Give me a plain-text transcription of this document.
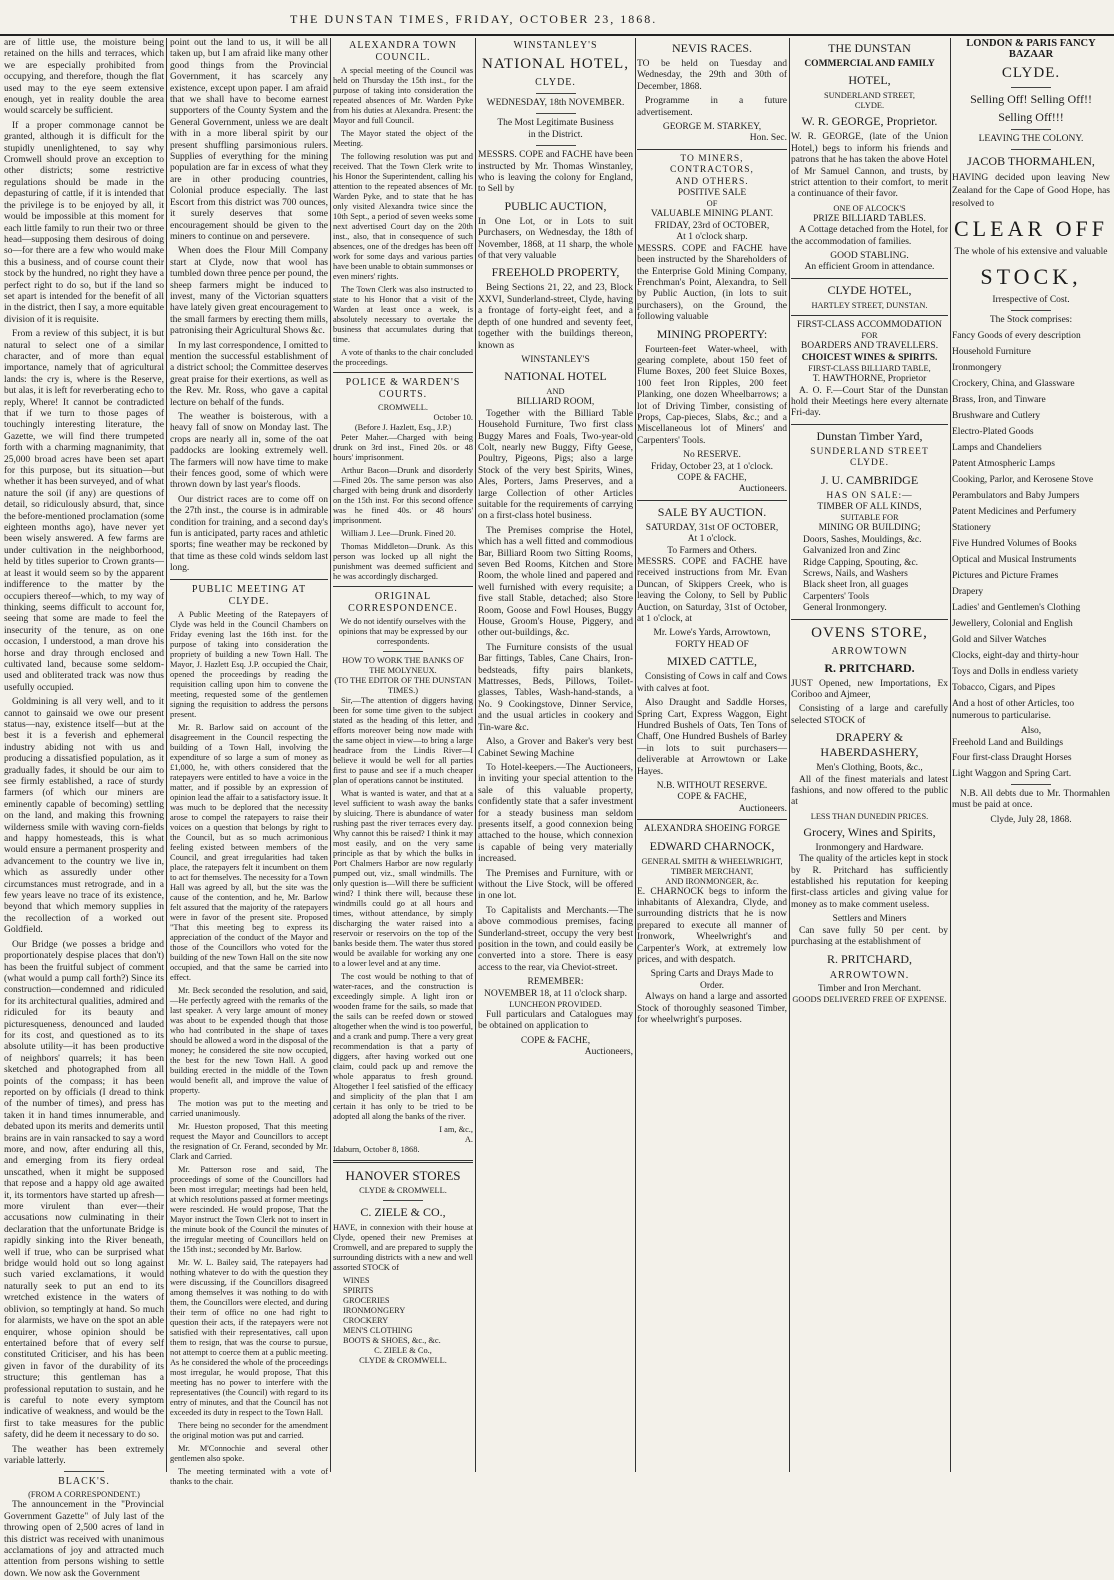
THE DUNSTAN TIMES, FRIDAY, OCTOBER 23, 1868.

are of little use, the moisture being retained on the hills and terraces, which we are especially prohibited from occupying, and therefore, though the flat used may to the eye seem extensive enough, yet in reality double the area would scarcely be sufficient.

If a proper commonage cannot be granted, although it is difficult for the stupidly unenlightened, to say why Cromwell should prove an exception to other districts; some restrictive regulations should be made in the depasturing of cattle, if it is intended that the privilege is to be enjoyed by all, it would be impossible at this moment for each little family to run their two or three head—supposing them desirous of doing so—for there are a few who would make this a business, and of course count their stock by the hundred, no right they have a perfect right to do so, but if the land so set apart is intended for the benefit of all in the district, then I say, a more equitable division of it is requisite.

From a review of this subject, it is but natural to select one of a similar character, and of more than equal importance, namely that of agricultural lands: the cry is, where is the Reserve, but alas, it is left for reverberating echo to reply, Where! It cannot be contradicted that if we turn to those pages of touchingly interesting literature, the Gazette, we will find there trumpeted forth with a charming magnanimity, that 25,000 broad acres have been set apart for this purpose, but its situation—but whether it has been surveyed, and of what nature the soil (if any) are questions of detail, so ridiculously absurd, that, since the before-mentioned proclamation (some eighteen months ago), have never yet been wisely answered. A few farms are under cultivation in the neighborhood, held by titles superior to Crown grants—at least it would seem so by the apparent indifference to the matter by the occupiers thereof—which, to my way of thinking, seems difficult to account for, seeing that some are made to feel the insecurity of the tenure, as on one occasion, I understood, a man drove his horse and dray through enclosed and cultivated land, because some seldom-used and obliterated track was now thus usefully occupied.

Goldmining is all very well, and to it cannot to gainsaid we owe our present status—nay, existence itself—but at the best it is a feverish and ephemeral industry abiding not with us and producing a dissatisfied population, as it gradually fades, it should be our aim to see firmly established, a race of sturdy farmers (of which our miners are eminently capable of becoming) settling on the land, and making this frowning wilderness smile with waving corn-fields and happy homesteads, this is what would ensure a permanent prosperity and advancement to the country we live in, which as assuredly under other circumstances must retrograde, and in a few years leave no trace of its existence, beyond that which memory supplies in the recollection of a worked out Goldfield.

Our Bridge (we posses a bridge and proportionately despise places that don't) has been the fruitful subject of comment (what would a pump call forth?) Since its construction—condemned and ridiculed for its architectural qualities, admired and ridiculed for its beauty and picturesqueness, denounced and lauded for its cost, and questioned as to its absolute utility—it has been productive of neighbors' quarrels; it has been sketched and photographed from all points of the compass; it has been reported on by officials (I dread to think of the number of times), and press has taken it in hand times innumerable, and debated upon its merits and demerits until brains are in vain ransacked to say a word more, and now, after enduring all this, and emerging from its fiery ordeal unscathed, when it might be supposed that repose and a happy old age awaited it, its tormentors have started up afresh—more virulent than ever—their accusations now culminating in their declaration that the unfortunate Bridge is rapidly sinking into the River beneath, well if true, who can be surprised what bridge would hold out so long against such varied exclamations, it would naturally seek to put an end to its wretched existence in the waters of oblivion, so temptingly at hand. So much for alarmists, we have on the spot an able enquirer, whose opinion should be entertained before that of every self constituted Criticiser, and his has been given in favor of the durability of its structure; this gentleman has a professional reputation to sustain, and he is careful to note every symptom indicative of weakness, and would be the first to take measures for the public safety, did he deem it necessary to do so.

The weather has been extremely variable latterly.

BLACK'S.
(FROM A CORRESPONDENT.)

The announcement in the "Provincial Government Gazette" of July last of the throwing open of 2,500 acres of land in this district was received with unanimous acclamations of joy and attracted much attention from persons wishing to settle down. We now ask the Government

point out the land to us, it will be all taken up, but I am afraid like many other good things from the Provincial Government, it has scarcely any existence, except upon paper. I am afraid that we shall have to become earnest supporters of the County System and the General Government, unless we are dealt with in a more liberal spirit by our present shuffling parsimonious rulers. Supplies of everything for the mining population are far in excess of what they are in other producing countries, Colonial produce especially. The last Escort from this district was 700 ounces, it surely deserves that some encouragement should be given to the miners to continue on and persevere.

When does the Flour Mill Company start at Clyde, now that wool has tumbled down three pence per pound, the sheep farmers might be induced to invest, many of the Victorian squatters have lately given great encouragement to the small farmers by erecting them mills, patronising their Agricultural Shows &c.

In my last correspondence, I omitted to mention the successful establishment of a district school; the Committee deserves great praise for their exertions, as well as the Rev. Mr. Ross, who gave a capital lecture on behalf of the funds.

The weather is boisterous, with a heavy fall of snow on Monday last. The crops are nearly all in, some of the oat paddocks are looking extremely well. The farmers will now have time to make their fences good, some of which were thrown down by last year's floods.

Our district races are to come off on the 27th inst., the course is in admirable condition for training, and a second day's fun is anticipated, party races and athletic sports; fine weather may be reckoned by that time as these cold winds seldom last long.

PUBLIC MEETING AT CLYDE.

A Public Meeting of the Ratepayers of Clyde was held in the Council Chambers on Friday evening last the 16th inst. for the purpose of taking into consideration the propriety of building a new Town Hall. The Mayor, J. Hazlett Esq. J.P. occupied the Chair, opened the proceedings by reading the requisition calling upon him to convene the meeting, requested some of the gentlemen signing the requisition to address the persons present.

Mr. R. Barlow said on account of the disagreement in the Council respecting the building of a Town Hall, involving the expenditure of so large a sum of money as £1,000, he, with others considered that the ratepayers were entitled to have a voice in the matter, and if possible by an expression of opinion lead the affair to a satisfactory issue. It was much to be deplored that the necessity arose to compel the ratepayers to raise their voices on a question that belongs by right to the Council, but as so much acrimonious feeling existed between members of the Council, and great irregularities had taken place, the ratepayers felt it incumbent on them to act for themselves. The necessity for a Town Hall was agreed by all, but the site was the cause of the contention, and he, Mr. Barlow felt assured that the majority of the ratepayers were in favor of the present site. Proposed "That this meeting beg to express its appreciation of the conduct of the Mayor and those of the Councillors who voted for the building of the new Town Hall on the site now occupied, and that the same be carried into effect.

Mr. Beck seconded the resolution, and said,—He perfectly agreed with the remarks of the last speaker. A very large amount of money was about to be expended though that those who had contributed in the shape of taxes should be allowed a word in the disposal of the money; he considered the site now occupied, the best for the new Town Hall. A good building erected in the middle of the Town would benefit all, and improve the value of property.

The motion was put to the meeting and carried unanimously.

Mr. Hueston proposed, That this meeting request the Mayor and Councillors to accept the resignation of Cr. Ferand, seconded by Mr. Clark and Carried.

Mr. Patterson rose and said, The proceedings of some of the Councillors had been most irregular; meetings had been held, at which resolutions passed at former meetings were rescinded. He would propose, That the Mayor instruct the Town Clerk not to insert in the minute book of the Council the minutes of the irregular meeting of Councillors held on the 15th inst.; seconded by Mr. Barlow.

Mr. W. L. Bailey said, The ratepayers had nothing whatever to do with the question they were discussing, if the Councillors disagreed among themselves it was nothing to do with them, the Councillors were elected, and during their term of office no one had right to question their acts, if the ratepayers were not satisfied with their representatives, call upon them to resign, that was the course to pursue, not attempt to coerce them at a public meeting. As he considered the whole of the proceedings most irregular, he would propose, That this meeting has no power to interfere with the representatives (the Council) with regard to its entry of minutes, and that the Council has not exceeded its duty in respect to the Town Hall.

There being no seconder for the amendment the original motion was put and carried.

Mr. M'Connochie and several other gentlemen also spoke.

The meeting terminated with a vote of thanks to the chair.

ALEXANDRA TOWN COUNCIL.

A special meeting of the Council was held on Thursday the 15th inst., for the purpose of taking into consideration the repeated absences of Mr. Warden Pyke from his duties at Alexandra. Present: the Mayor and full Council.

The Mayor stated the object of the Meeting.

The following resolution was put and received. That the Town Clerk write to his Honor the Superintendent, calling his attention to the repeated absences of Mr. Warden Pyke, and to state that he has only visited Alexandra twice since the 10th Sept., a period of seven weeks some next advertised Court day on the 20th inst., also, that in consequence of such absences, one of the dredges has been off work for some days and various parties have been unable to obtain summonses or even miners' rights.

The Town Clerk was also instructed to state to his Honor that a visit of the Warden at least once a week, is absolutely necessary to overtake the business that accumulates during that time.

A vote of thanks to the chair concluded the proceedings.

POLICE & WARDEN'S COURTS.
CROMWELL.
October 10.
(Before J. Hazlett, Esq., J.P.)

Peter Maher.—Charged with being drunk on 3rd inst., Fined 20s. or 48 hours' imprisonment.

Arthur Bacon—Drunk and disorderly—Fined 20s. The same person was also charged with being drunk and disorderly on the 15th inst. For this second offence was he fined 40s. or 48 hours' imprisonment.

William J. Lee—Drunk. Fined 20.

Thomas Middleton—Drunk. As this person was locked up all night the punishment was deemed sufficient and he was accordingly discharged.

ORIGINAL CORRESPONDENCE.

We do not identify ourselves with the opinions that may be expressed by our correspondents.

HOW TO WORK THE BANKS OF
THE MOLYNEUX.
(TO THE EDITOR OF THE DUNSTAN TIMES.)

Sir,—The attention of diggers having been for some time given to the subject stated as the heading of this letter, and efforts moreover being now made with the same object in view—to bring a large headrace from the Lindis River—I believe it would be well for all parties first to pause and see if a much cheaper plan of operations cannot be instituted.

What is wanted is water, and that at a level sufficient to wash away the banks by sluicing. There is abundance of water rushing past the river terraces every day. Why cannot this be raised? I think it may most easily, and on the very same principle as that by which the bulks in Port Chalmers Harbor are now regularly pumped out, viz., small windmills. The only question is—Will there be sufficient wind? I think there will, because these windmills could go at all hours and times, without attendance, by simply discharging the water raised into a reservoir or reservoirs on the top of the banks beside them. The water thus stored would be available for working any one to a lower level and at any time.

The cost would be nothing to that of water-races, and the construction is exceedingly simple. A light iron or wooden frame for the sails, so made that the sails can be reefed down or stowed altogether when the wind is too powerful, and a crank and pump. There a very great recommendation is that a party of diggers, after having worked out one claim, could pack up and remove the whole apparatus to fresh ground. Altogether I feel satisfied of the efficacy and simplicity of the plan that I am certain it has only to be tried to be adopted all along the banks of the river.

I am, &c.,
A.
Idaburn, October 8, 1868.
HANOVER STORES
CLYDE & CROMWELL.
C. ZIELE & CO.,

HAVE, in connexion with their house at Clyde, opened their new Premises at Cromwell, and are prepared to supply the surrounding districts with a new and well assorted STOCK of

WINES
SPIRITS
GROCERIES
IRONMONGERY
CROCKERY
MEN'S CLOTHING
BOOTS & SHOES, &c., &c.
C. ZIELE & Co.,
CLYDE & CROMWELL.
WINSTANLEY'S
NATIONAL HOTEL,
CLYDE.
WEDNESDAY, 18th NOVEMBER.
The Most Legitimate Business
in the District.

MESSRS. COPE and FACHE have been instructed by Mr. Thomas Winstanley, who is leaving the colony for England, to Sell by

PUBLIC AUCTION,

In One Lot, or in Lots to suit Purchasers, on Wednesday, the 18th of November, 1868, at 11 sharp, the whole of that very valuable

FREEHOLD PROPERTY,

Being Sections 21, 22, and 23, Block XXVI, Sunderland-street, Clyde, having a frontage of forty-eight feet, and a depth of one hundred and seventy feet, together with the buildings thereon, known as

WINSTANLEY'S
NATIONAL HOTEL
AND
BILLIARD ROOM,

Together with the Billiard Table Household Furniture, Two first class Buggy Mares and Foals, Two-year-old Colt, nearly new Buggy, Fifty Geese, Poultry, Pigeons, Pigs; also a large Stock of the very best Spirits, Wines, Ales, Porters, Jams Preserves, and a large Collection of other Articles suitable for the requirements of carrying on a first-class hotel business.

The Premises comprise the Hotel, which has a well fitted and commodious Bar, Billiard Room two Sitting Rooms, seven Bed Rooms, Kitchen and Store Room, the whole lined and papered and well furnished with every requisite; a five stall Stable, detached; also Store Room, Goose and Fowl Houses, Buggy House, Groom's House, Piggery, and other out-buildings, &c.

The Furniture consists of the usual Bar fittings, Tables, Cane Chairs, Iron-bedsteads, fifty pairs blankets, Mattresses, Beds, Pillows, Toilet-glasses, Tables, Wash-hand-stands, a No. 9 Cookingstove, Dinner Service, and the usual articles in cookery and Tin-ware &c.

Also, a Grover and Baker's very best Cabinet Sewing Machine

To Hotel-keepers.—The Auctioneers, in inviting your special attention to the sale of this valuable property, confidently state that a safer investment for a steady business man seldom presents itself, a good connexion being attached to the house, which connexion is capable of being very materially increased.

The Premises and Furniture, with or without the Live Stock, will be offered in one lot.

To Capitalists and Merchants.—The above commodious premises, facing Sunderland-street, occupy the very best position in the town, and could easily be converted into a store. There is easy access to the rear, via Cheviot-street.

REMEMBER:
NOVEMBER 18, at 11 o'clock sharp.
LUNCHEON PROVIDED.

Full particulars and Catalogues may be obtained on application to

COPE & FACHE,
Auctioneers,
NEVIS RACES.

TO be held on Tuesday and Wednesday, the 29th and 30th of December, 1868.

Programme in a future advertisement.

GEORGE M. STARKEY,
Hon. Sec.
TO MINERS, CONTRACTORS,
AND OTHERS.
POSITIVE SALE
OF
VALUABLE MINING PLANT.
FRIDAY, 23rd of OCTOBER,
At 1 o'clock sharp.

MESSRS. COPE and FACHE have been instructed by the Shareholders of the Enterprise Gold Mining Company, Frenchman's Point, Alexandra, to Sell by Public Auction, (in lots to suit purchasers), on the Ground, the following valuable

MINING PROPERTY:

Fourteen-feet Water-wheel, with gearing complete, about 150 feet of Flume Boxes, 200 feet Sluice Boxes, 100 feet Iron Ripples, 200 feet Planking, one dozen Wheelbarrows; a lot of Driving Timber, consisting of Props, Cap-pieces, Slabs, &c.; and a Miscellaneous lot of Miners' and Carpenters' Tools.

No RESERVE.
Friday, October 23, at 1 o'clock.
COPE & FACHE,
Auctioneers.
SALE BY AUCTION.
SATURDAY, 31st OF OCTOBER,
At 1 o'clock.
To Farmers and Others.

MESSRS. COPE and FACHE have received instructions from Mr. Evan Duncan, of Skippers Creek, who is leaving the Colony, to Sell by Public Auction, on Saturday, 31st of October, at 1 o'clock, at

Mr. Lowe's Yards, Arrowtown,
FORTY HEAD OF
MIXED CATTLE,

Consisting of Cows in calf and Cows with calves at foot.

Also Draught and Saddle Horses, Spring Cart, Express Waggon, Eight Hundred Bushels of Oats, Ten Tons of Chaff, One Hundred Bushels of Barley—in lots to suit purchasers—deliverable at Arrowtown or Lake Hayes.

N.B. WITHOUT RESERVE.
COPE & FACHE,
Auctioneers.
ALEXANDRA SHOEING FORGE
EDWARD CHARNOCK,
GENERAL SMITH & WHEELWRIGHT,
TIMBER MERCHANT,
AND IRONMONGER, &c.

E. CHARNOCK begs to inform the inhabitants of Alexandra, Clyde, and surrounding districts that he is now prepared to execute all manner of Ironwork, Wheelwright's and Carpenter's Work, at extremely low prices, and with despatch.

Spring Carts and Drays Made to
Order.

Always on hand a large and assorted Stock of thoroughly seasoned Timber, for wheelwright's purposes.

THE DUNSTAN
COMMERCIAL AND FAMILY
HOTEL,
SUNDERLAND STREET,
CLYDE.
W. R. GEORGE, Proprietor.

W. R. GEORGE, (late of the Union Hotel,) begs to inform his friends and patrons that he has taken the above Hotel of Mr Samuel Cannon, and trusts, by strict attention to their comfort, to merit a continuance of their favor.

ONE OF ALCOCK'S
PRIZE BILLIARD TABLES.

A Cottage detached from the Hotel, for the accommodation of families.

GOOD STABLING.
An efficient Groom in attendance.
CLYDE HOTEL,
HARTLEY STREET, DUNSTAN.
FIRST-CLASS ACCOMMODATION
FOR
BOARDERS AND TRAVELLERS.
CHOICEST WINES & SPIRITS.
FIRST-CLASS BILLIARD TABLE,
T. HAWTHORNE, Proprietor

A. O. F.—Court Star of the Dunstan hold their Meetings here every alternate Fri-day.

Dunstan Timber Yard,
SUNDERLAND STREET
CLYDE.
J. U. CAMBRIDGE
HAS ON SALE:—
TIMBER OF ALL KINDS,
SUITABLE FOR
MINING OR BUILDING;
Doors, Sashes, Mouldings, &c.
Galvanized Iron and Zinc
Ridge Capping, Spouting, &c.
Screws, Nails, and Washers
Black sheet Iron, all guages
Carpenters' Tools
General Ironmongery.
OVENS STORE,
ARROWTOWN
R. PRITCHARD.

JUST Opened, new Importations, Ex Coriboo and Ajmeer,

Consisting of a large and carefully selected STOCK of

DRAPERY & HABERDASHERY,
Men's Clothing, Boots, &c.,

All of the finest materials and latest fashions, and now offered to the public at

LESS THAN DUNEDIN PRICES.
Grocery, Wines and Spirits,
Ironmongery and Hardware.

The quality of the articles kept in stock by R. Pritchard has sufficiently established his reputation for keeping first-class articles and giving value for money as to make comment useless.

Settlers and Miners

Can save fully 50 per cent. by purchasing at the establishment of

R. PRITCHARD,
ARROWTOWN.
Timber and Iron Merchant.
GOODS DELIVERED FREE OF EXPENSE.
LONDON & PARIS FANCY BAZAAR
CLYDE.
Selling Off! Selling Off!!
Selling Off!!!
LEAVING THE COLONY.
JACOB THORMAHLEN,

HAVING decided upon leaving New Zealand for the Cape of Good Hope, has resolved to

CLEAR OFF

The whole of his extensive and valuable

STOCK,
Irrespective of Cost.
The Stock comprises:

Fancy Goods of every description

Household Furniture

Ironmongery

Crockery, China, and Glassware

Brass, Iron, and Tinware

Brushware and Cutlery

Electro-Plated Goods

Lamps and Chandeliers

Patent Atmospheric Lamps

Cooking, Parlor, and Kerosene Stove

Perambulators and Baby Jumpers

Patent Medicines and Perfumery

Stationery

Five Hundred Volumes of Books

Optical and Musical Instruments

Pictures and Picture Frames

Drapery

Ladies' and Gentlemen's Clothing

Jewellery, Colonial and English

Gold and Silver Watches

Clocks, eight-day and thirty-hour

Toys and Dolls in endless variety

Tobacco, Cigars, and Pipes

And a host of other Articles, too numerous to particularise.

Also,

Freehold Land and Buildings

Four first-class Draught Horses

Light Waggon and Spring Cart.

N.B. All debts due to Mr. Thormahlen must be paid at once.

Clyde, July 28, 1868.
